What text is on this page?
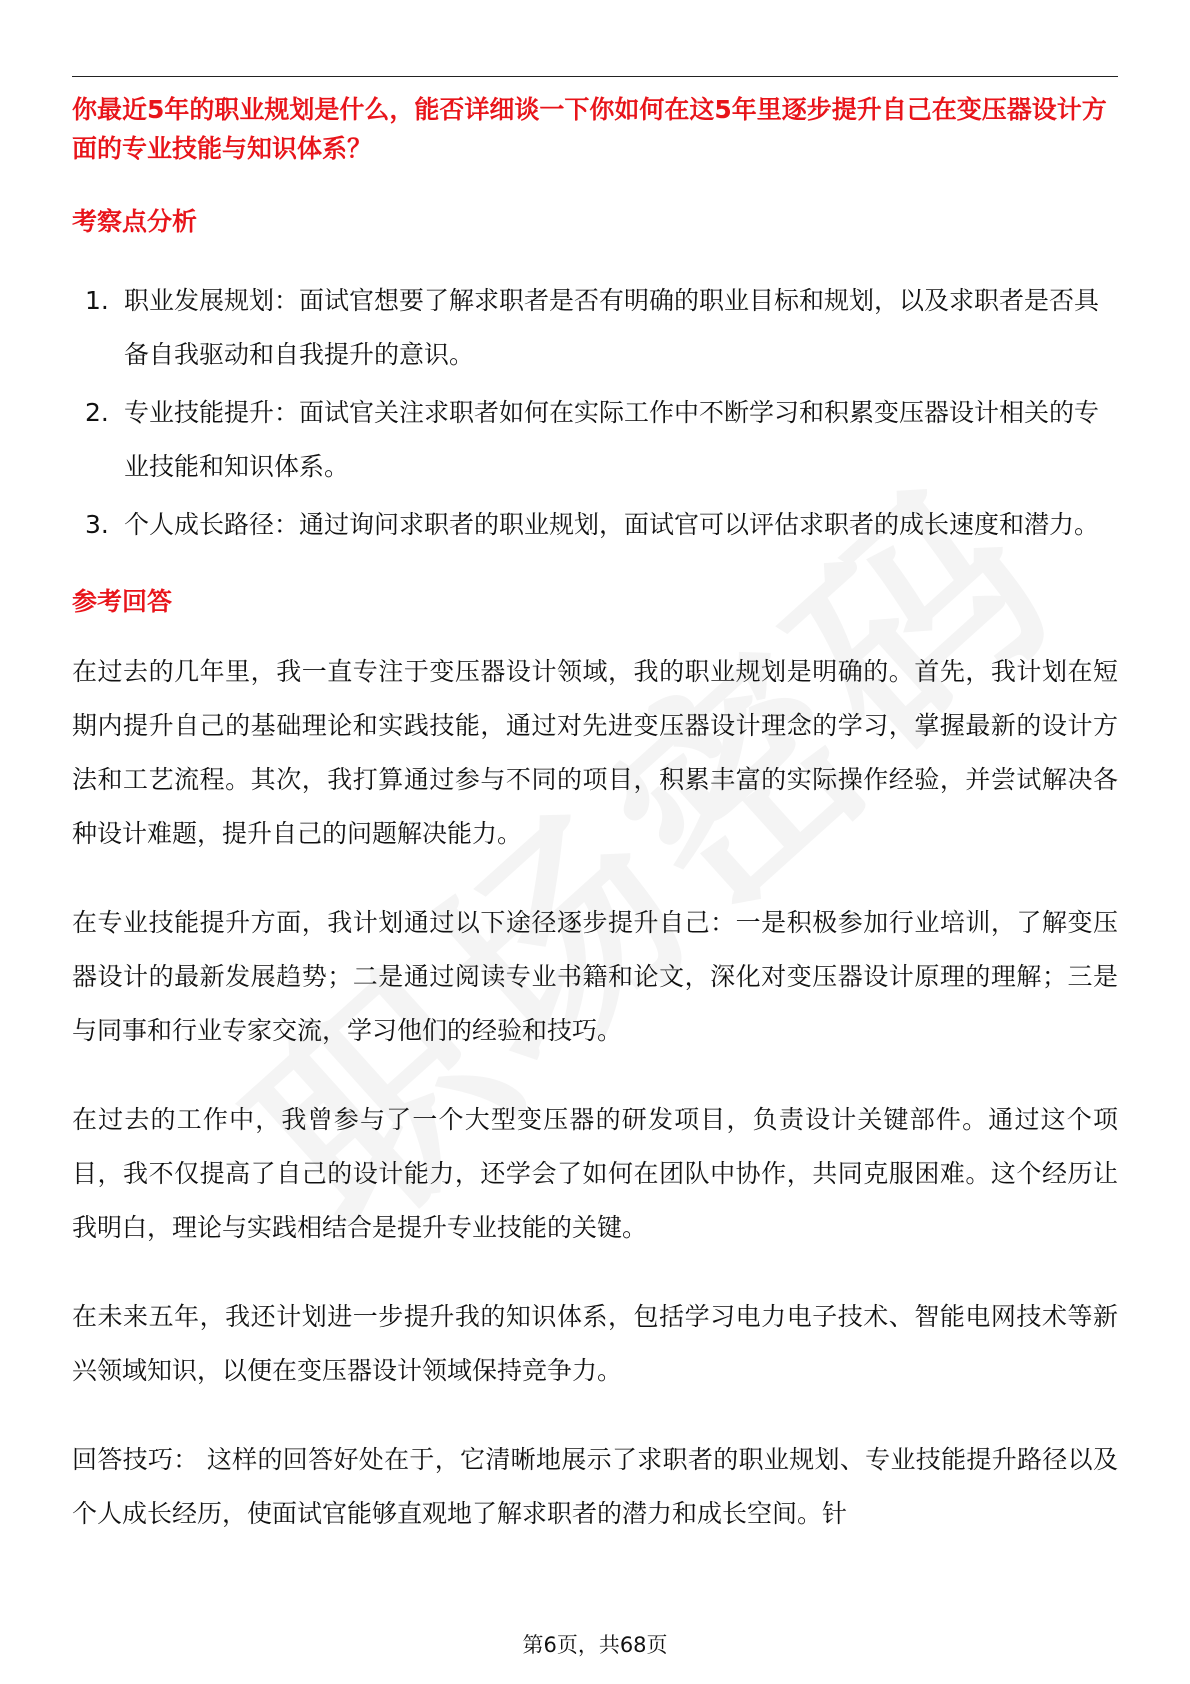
你最近5年的职业规划是什么，能否详细谈一下你如何在这5年里逐步提升自己在变压器设计方面的专业技能与知识体系？

考察点分析
1. 职业发展规划：面试官想要了解求职者是否有明确的职业目标和规划，以及求职者是否具备自我驱动和自我提升的意识。
2. 专业技能提升：面试官关注求职者如何在实际工作中不断学习和积累变压器设计相关的专业技能和知识体系。
3. 个人成长路径：通过询问求职者的职业规划，面试官可以评估求职者的成长速度和潜力。
参考回答

在过去的几年里，我一直专注于变压器设计领域，我的职业规划是明确的。首先，我计划在短期内提升自己的基础理论和实践技能，通过对先进变压器设计理念的学习，掌握最新的设计方法和工艺流程。其次，我打算通过参与不同的项目，积累丰富的实际操作经验，并尝试解决各种设计难题，提升自己的问题解决能力。

在专业技能提升方面，我计划通过以下途径逐步提升自己：一是积极参加行业培训，了解变压器设计的最新发展趋势；二是通过阅读专业书籍和论文，深化对变压器设计原理的理解；三是与同事和行业专家交流，学习他们的经验和技巧。

在过去的工作中，我曾参与了一个大型变压器的研发项目，负责设计关键部件。通过这个项目，我不仅提高了自己的设计能力，还学会了如何在团队中协作，共同克服困难。这个经历让我明白，理论与实践相结合是提升专业技能的关键。

在未来五年，我还计划进一步提升我的知识体系，包括学习电力电子技术、智能电网技术等新兴领域知识，以便在变压器设计领域保持竞争力。

回答技巧： 这样的回答好处在于，它清晰地展示了求职者的职业规划、专业技能提升路径以及个人成长经历，使面试官能够直观地了解求职者的潜力和成长空间。针

第6页，共68页
